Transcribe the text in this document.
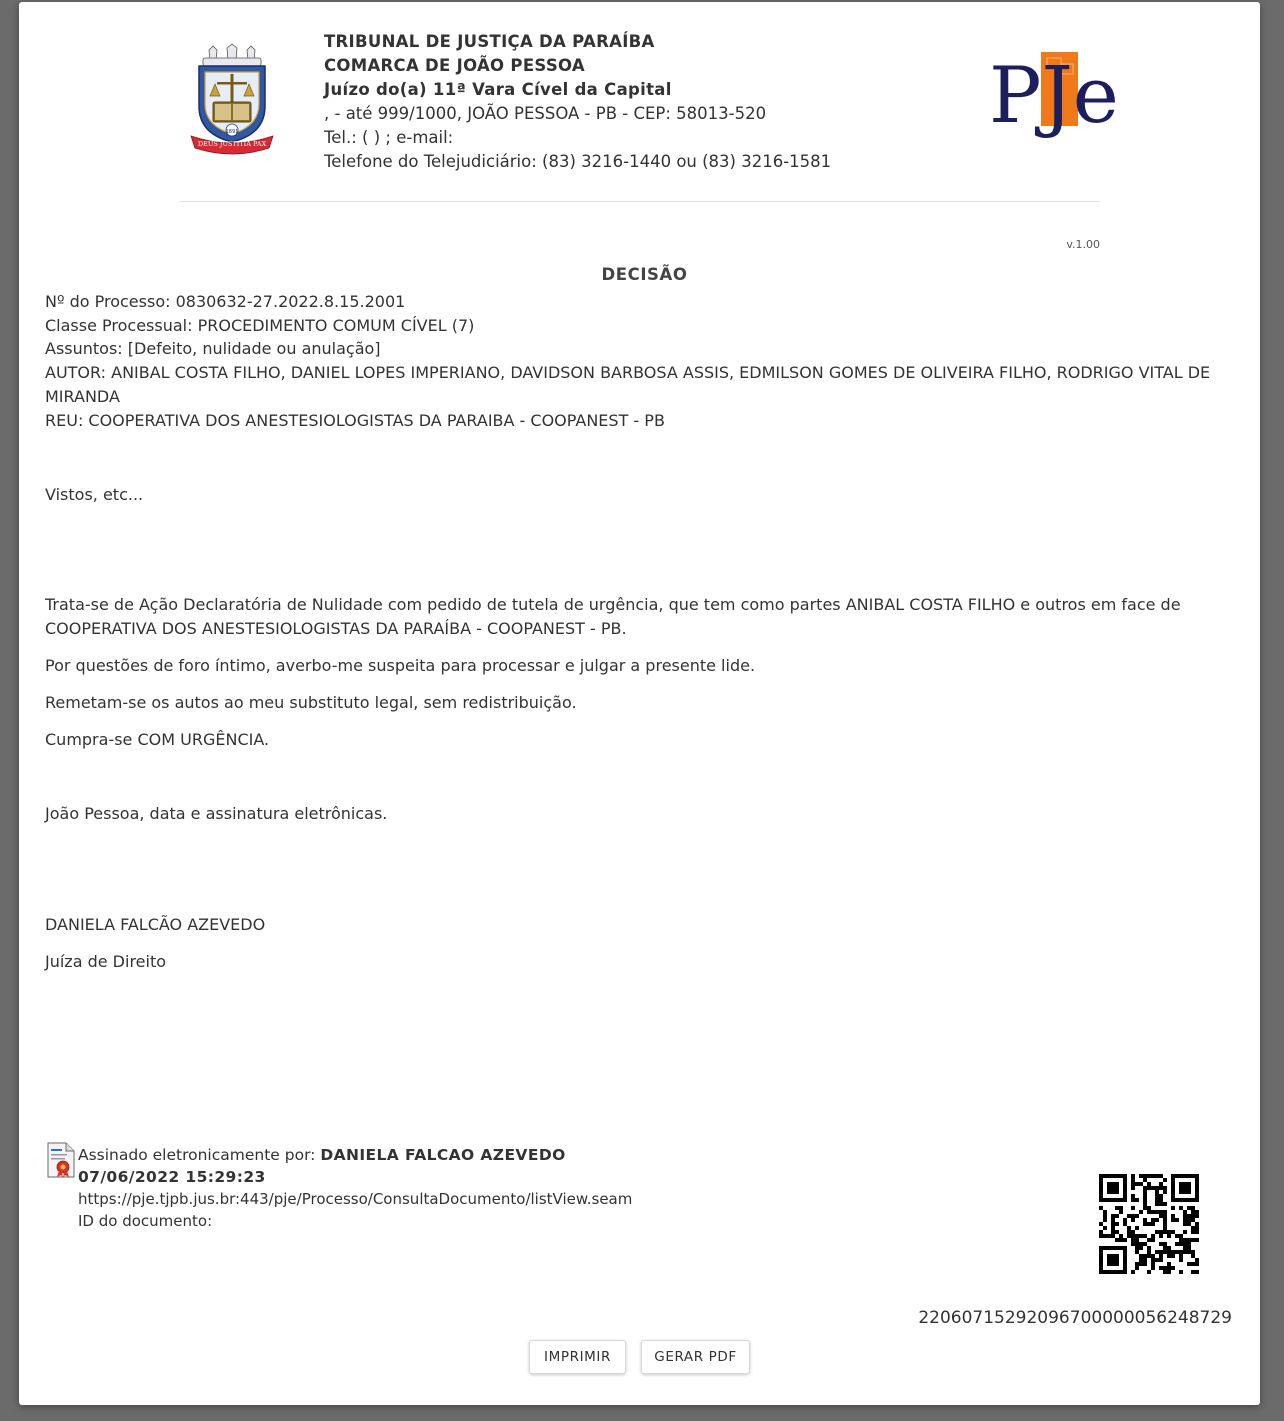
1891
DEUS JUSTITIA PAX
TRIBUNAL DE JUSTIÇA DA PARAÍBA
COMARCA DE JOÃO PESSOA
Juízo do(a) 11ª Vara Cível da Capital
, - até 999/1000, JOÃO PESSOA - PB - CEP: 58013-520
Tel.: ( ) ; e-mail:
Telefone do Telejudiciário: (83) 3216-1440 ou (83) 3216-1581
PJe
v.1.00
DECISÃO
Nº do Processo: 0830632-27.2022.8.15.2001
Classe Processual: PROCEDIMENTO COMUM CÍVEL (7)
Assuntos: [Defeito, nulidade ou anulação]
AUTOR: ANIBAL COSTA FILHO, DANIEL LOPES IMPERIANO, DAVIDSON BARBOSA ASSIS, EDMILSON GOMES DE OLIVEIRA FILHO, RODRIGO VITAL DE MIRANDA
REU: COOPERATIVA DOS ANESTESIOLOGISTAS DA PARAIBA - COOPANEST - PB
Vistos, etc...
Trata-se de Ação Declaratória de Nulidade com pedido de tutela de urgência, que tem como partes ANIBAL COSTA FILHO e outros em face de COOPERATIVA DOS ANESTESIOLOGISTAS DA PARAÍBA - COOPANEST - PB.
Por questões de foro íntimo, averbo-me suspeita para processar e julgar a presente lide.
Remetam-se os autos ao meu substituto legal, sem redistribuição.
Cumpra-se COM URGÊNCIA.
João Pessoa, data e assinatura eletrônicas.
DANIELA FALCÃO AZEVEDO
Juíza de Direito
Assinado eletronicamente por: DANIELA FALCAO AZEVEDO
07/06/2022 15:29:23
https://pje.tjpb.jus.br:443/pje/Processo/ConsultaDocumento/listView.seam
ID do documento:
22060715292096700000056248729
IMPRIMIR	GERAR PDF
